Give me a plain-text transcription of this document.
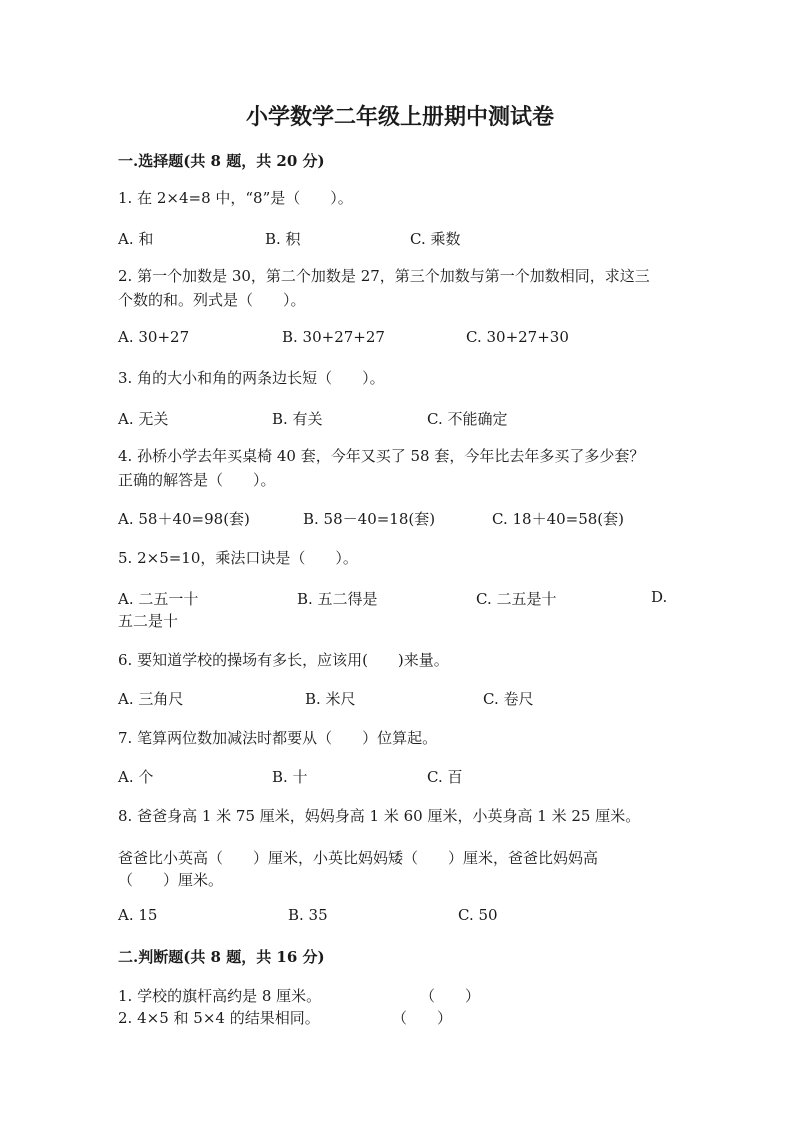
小学数学二年级上册期中测试卷
一.选择题(共 8 题，共 20 分)
1. 在 2×4=8 中，“8”是（　　）。
A. 和	B. 积	C. 乘数
2. 第一个加数是 30，第二个加数是 27，第三个加数与第一个加数相同，求这三
个数的和。列式是（　　）。
A. 30+27	B. 30+27+27	C. 30+27+30
3. 角的大小和角的两条边长短（　　）。
A. 无关	B. 有关	C. 不能确定
4. 孙桥小学去年买桌椅 40 套，今年又买了 58 套，今年比去年多买了多少套？
正确的解答是（　　）。
A. 58＋40=98(套)	B. 58－40=18(套)	C. 18＋40=58(套)
5. 2×5=10，乘法口诀是（　　）。
A. 二五一十	B. 五二得是	C. 二五是十	D.
五二是十
6. 要知道学校的操场有多长，应该用(　　)来量。
A. 三角尺	B. 米尺	C. 卷尺
7. 笔算两位数加减法时都要从（　　）位算起。
A. 个	B. 十	C. 百
8. 爸爸身高 1 米 75 厘米，妈妈身高 1 米 60 厘米，小英身高 1 米 25 厘米。
爸爸比小英高（　　）厘米，小英比妈妈矮（　　）厘米，爸爸比妈妈高
（　　）厘米。
A. 15	B. 35	C. 50
二.判断题(共 8 题，共 16 分)
1. 学校的旗杆高约是 8 厘米。	（　　）
2. 4×5 和 5×4 的结果相同。	（　　）
